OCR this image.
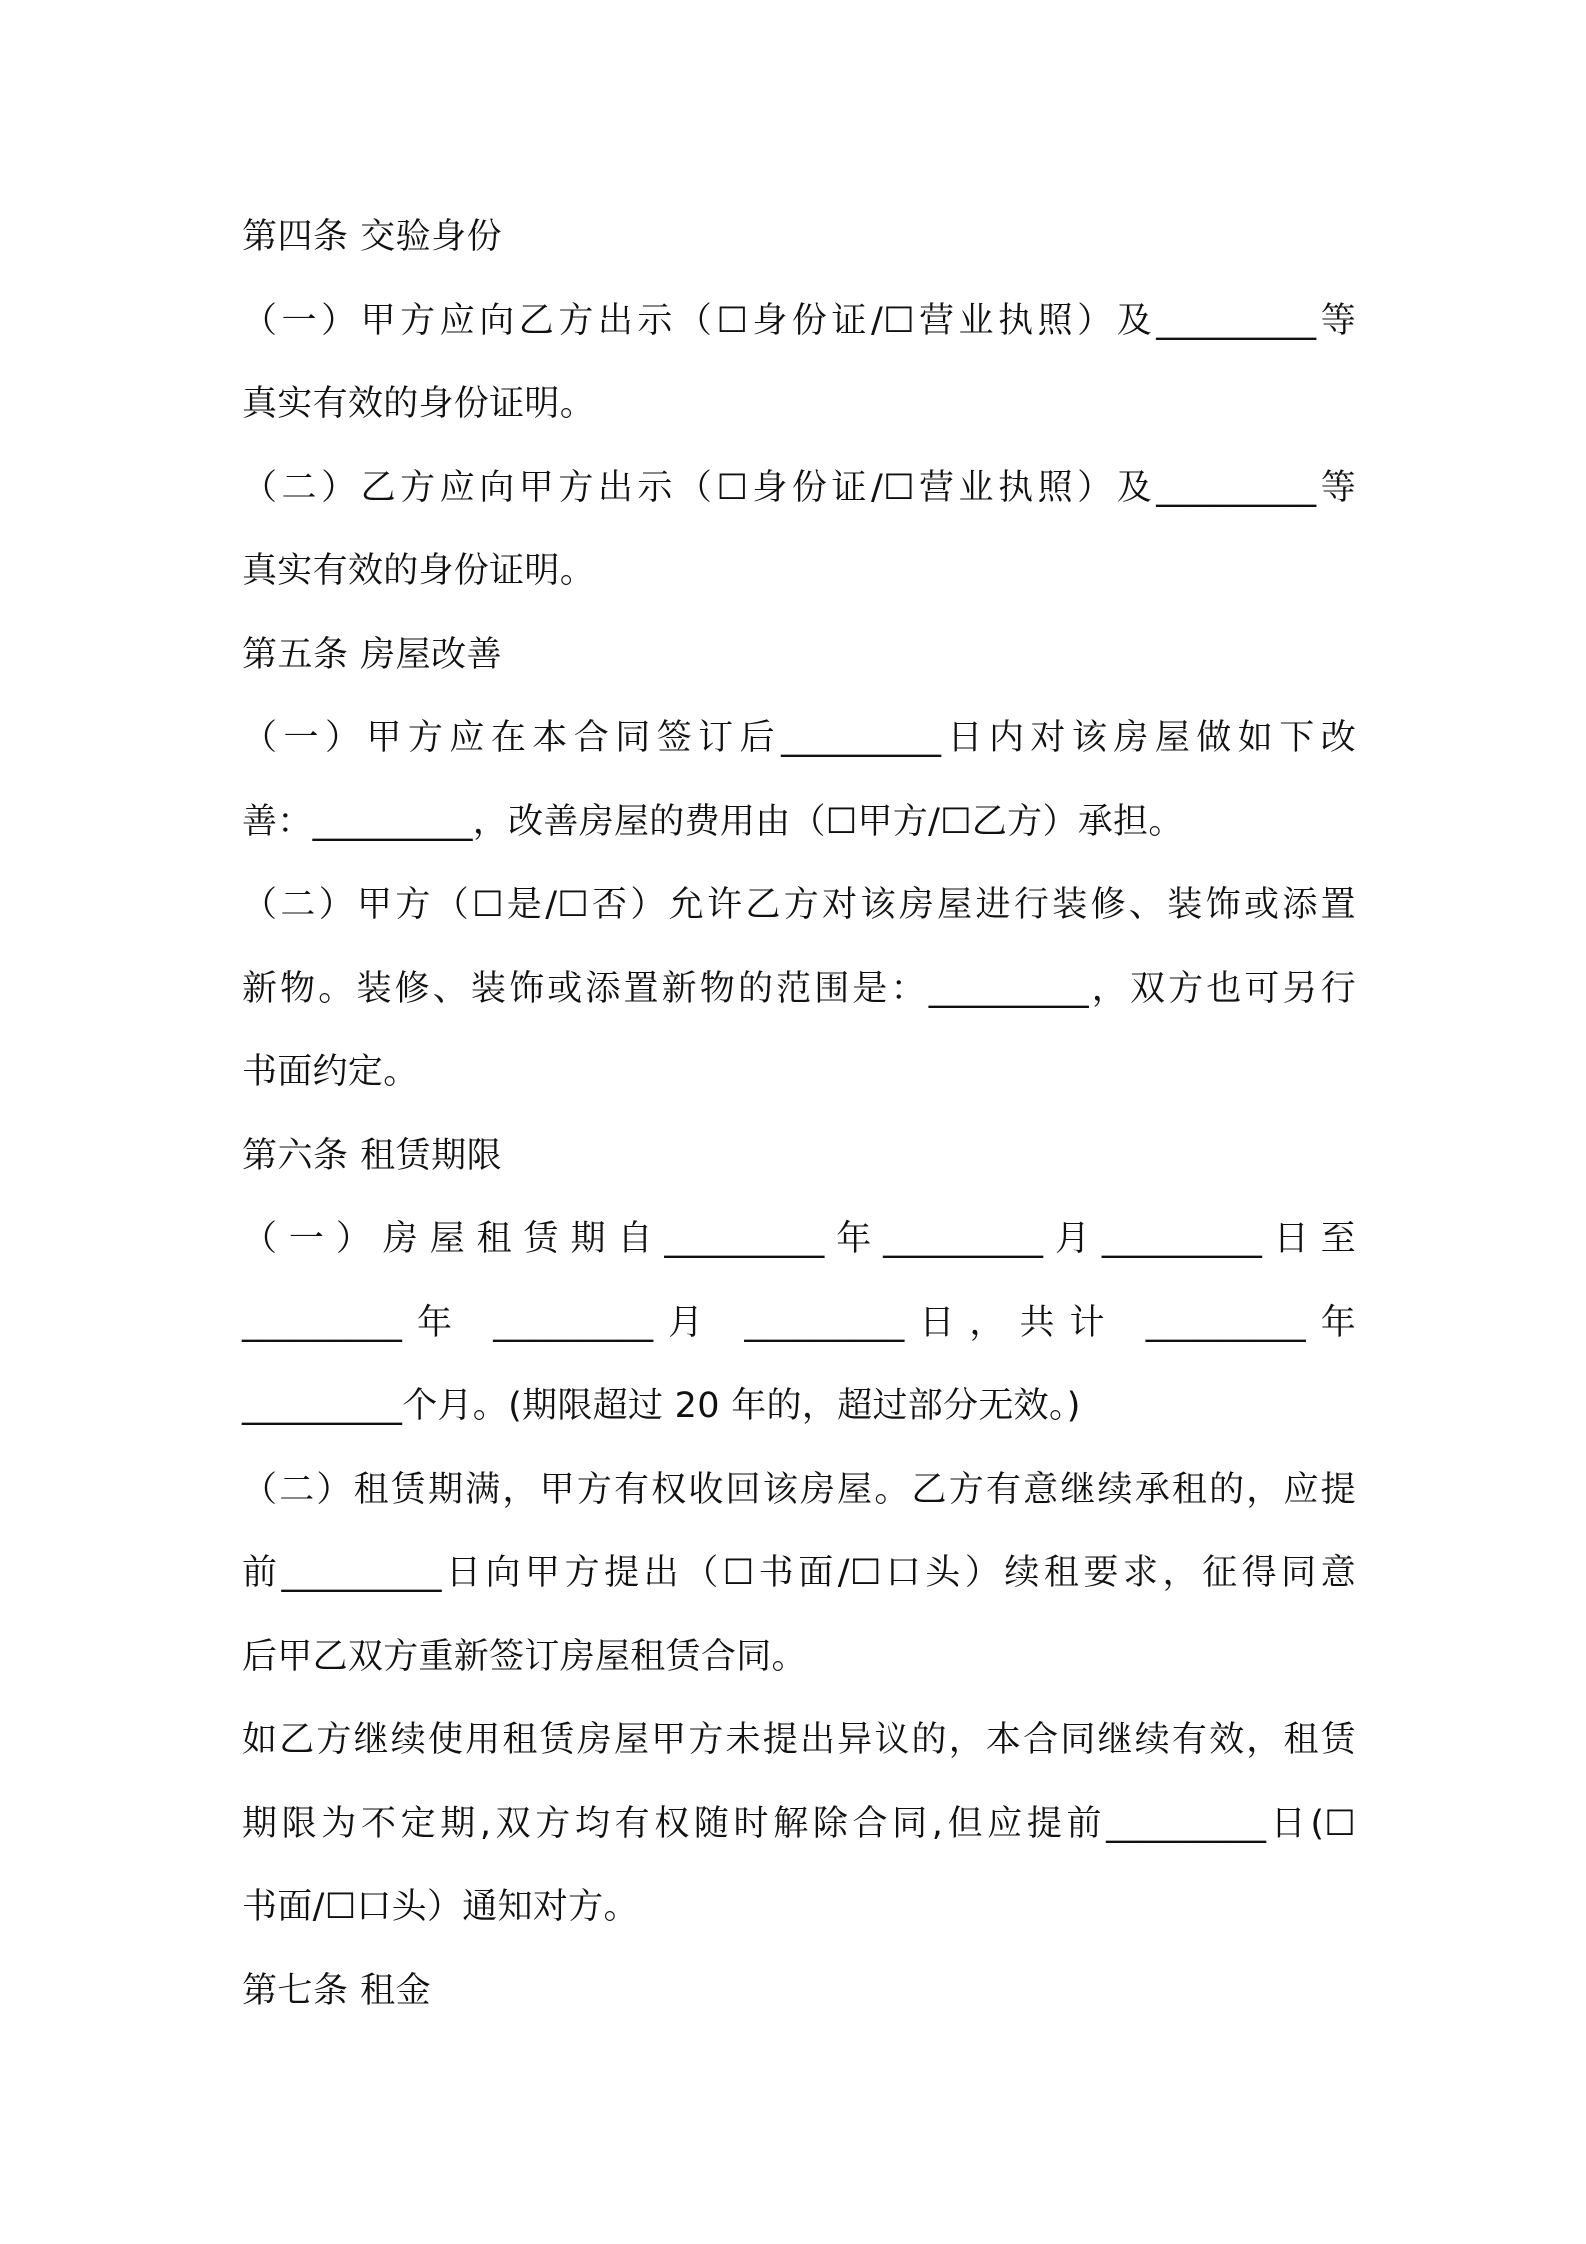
第四条 交验身份
（一）甲方应向乙方出示（☐身份证/☐营业执照）及_________等
真实有效的身份证明。
（二）乙方应向甲方出示（☐身份证/☐营业执照）及_________等
真实有效的身份证明。
第五条 房屋改善
（一）甲方应在本合同签订后_________日内对该房屋做如下改
善：_________，改善房屋的费用由（☐甲方/☐乙方）承担。
（二）甲方（☐是/☐否）允许乙方对该房屋进行装修、装饰或添置
新物。装修、装饰或添置新物的范围是：_________，双方也可另行
书面约定。
第六条 租赁期限
（一）房屋租赁期自_________年_________月_________日至
_________年 _________月 _________日，共计 _________年
_________个月。(期限超过 20 年的，超过部分无效。)
（二）租赁期满，甲方有权收回该房屋。乙方有意继续承租的，应提
前_________日向甲方提出（☐书面/☐口头）续租要求，征得同意
后甲乙双方重新签订房屋租赁合同。
如乙方继续使用租赁房屋甲方未提出异议的，本合同继续有效，租赁
期限为不定期,双方均有权随时解除合同,但应提前_________日(☐
书面/☐口头）通知对方。
第七条 租金
